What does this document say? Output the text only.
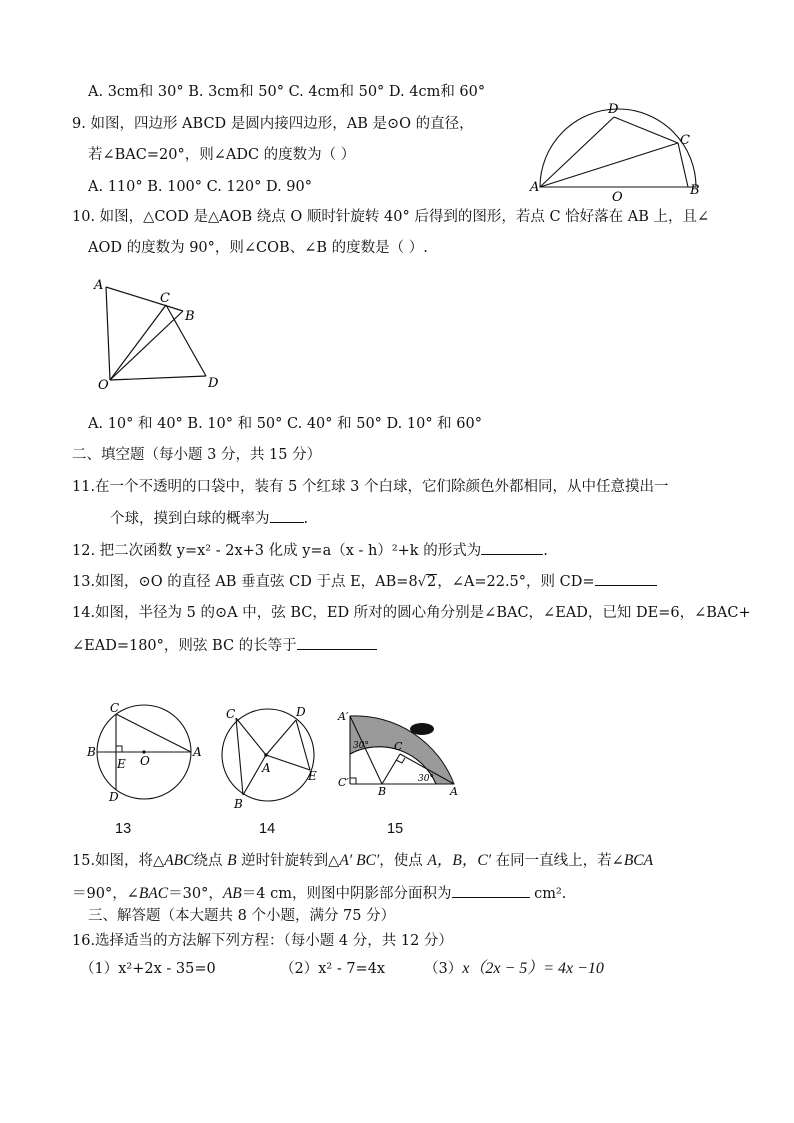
A. 3cm和 30° B. 3cm和 50° C. 4cm和 50° D. 4cm和 60°
9. 如图，四边形 ABCD 是圆内接四边形，AB 是⊙O 的直径，
若∠BAC=20°，则∠ADC 的度数为（ ）
A. 110° B. 100° C. 120° D. 90°	A
D
C
B
O
10. 如图，△COD 是△AOB 绕点 O 顺时针旋转 40° 后得到的图形，若点 C 恰好落在 AB 上，且∠
AOD 的度数为 90°，则∠COB、∠B 的度数是（ ）.
A
C
B
O	D
A. 10° 和 40° B. 10° 和 50° C. 40° 和 50° D. 10° 和 60°
二、填空题（每小题 3 分，共 15 分）
11.在一个不透明的口袋中，装有 5 个红球 3 个白球，它们除颜色外都相同，从中任意摸出一
个球，摸到白球的概率为 .
12. 把二次函数 y=x² - 2x+3 化成 y=a（x - h）²+k 的形式为	.
13.如图，⊙O 的直径 AB 垂直弦 CD 于点 E，AB=8√2，∠A=22.5°，则 CD=
14.如图，半径为 5 的⊙A 中，弦 BC，ED 所对的圆心角分别是∠BAC，∠EAD，已知 DE=6，∠BAC+
∠EAD=180°，则弦 BC 的长等于
C
B
E O
A
D
C	D
A
E
B
A′
30°
C′
C
B
30°
A
13	14	15
15.如图，将△ABC绕点 B 逆时针旋转到△A′ BC′，使点 A，B，C′ 在同一直线上，若∠BCA
＝90°，∠BAC＝30°，AB＝4 cm，则图中阴影部分面积为	cm².
三、解答题（本大题共 8 个小题，满分 75 分）
16.选择适当的方法解下列方程：（每小题 4 分，共 12 分）
（1）x²+2x - 35=0	（2）x² - 7=4x	（3）x（2x − 5）= 4x −10
